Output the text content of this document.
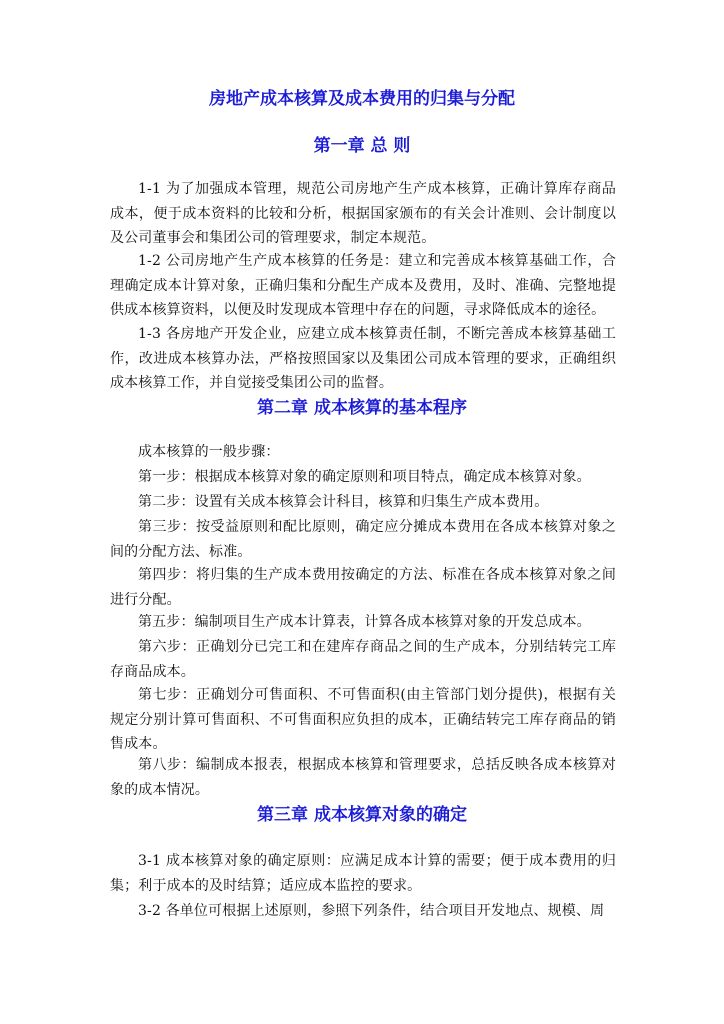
房地产成本核算及成本费用的归集与分配
第一章 总 则

1-1 为了加强成本管理，规范公司房地产生产成本核算，正确计算库存商品成本，便于成本资料的比较和分析，根据国家颁布的有关会计准则、会计制度以及公司董事会和集团公司的管理要求，制定本规范。

1-2 公司房地产生产成本核算的任务是：建立和完善成本核算基础工作，合理确定成本计算对象，正确归集和分配生产成本及费用，及时、准确、完整地提供成本核算资料，以便及时发现成本管理中存在的问题，寻求降低成本的途径。

1-3 各房地产开发企业，应建立成本核算责任制，不断完善成本核算基础工作，改进成本核算办法，严格按照国家以及集团公司成本管理的要求，正确组织成本核算工作，并自觉接受集团公司的监督。

第二章 成本核算的基本程序

成本核算的一般步骤：

第一步：根据成本核算对象的确定原则和项目特点，确定成本核算对象。

第二步：设置有关成本核算会计科目，核算和归集生产成本费用。

第三步：按受益原则和配比原则，确定应分摊成本费用在各成本核算对象之间的分配方法、标准。

第四步：将归集的生产成本费用按确定的方法、标准在各成本核算对象之间进行分配。

第五步：编制项目生产成本计算表，计算各成本核算对象的开发总成本。

第六步：正确划分已完工和在建库存商品之间的生产成本，分别结转完工库存商品成本。

第七步：正确划分可售面积、不可售面积(由主管部门划分提供)，根据有关规定分别计算可售面积、不可售面积应负担的成本，正确结转完工库存商品的销售成本。

第八步：编制成本报表，根据成本核算和管理要求，总括反映各成本核算对象的成本情况。

第三章 成本核算对象的确定

3-1 成本核算对象的确定原则：应满足成本计算的需要；便于成本费用的归集；利于成本的及时结算；适应成本监控的要求。

3-2 各单位可根据上述原则，参照下列条件，结合项目开发地点、规模、周
